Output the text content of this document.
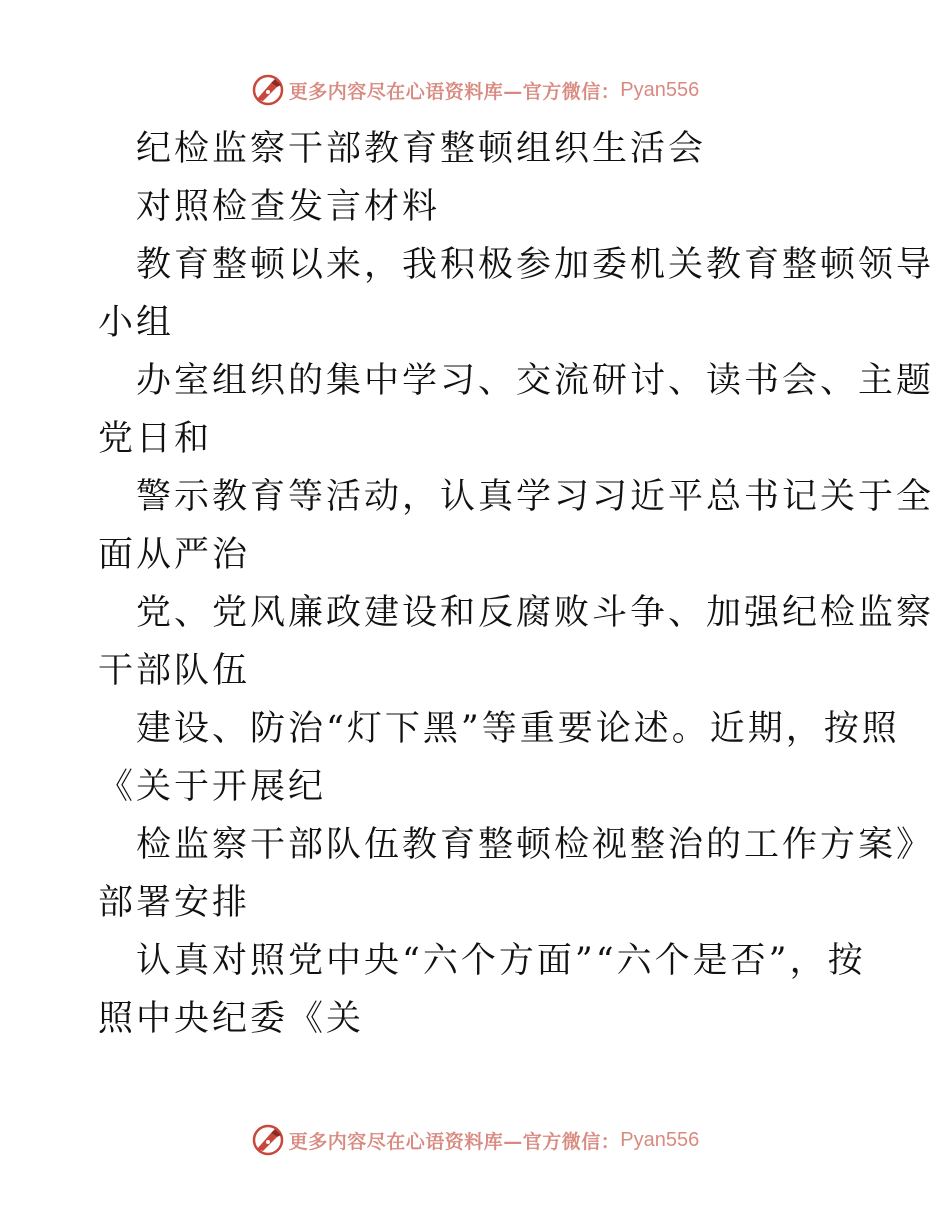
更多内容尽在心语资料库—官方微信： Pyan556
纪检监察干部教育整顿组织生活会
对照检查发言材料
教育整顿以来，我积极参加委机关教育整顿领导
小组
办室组织的集中学习、交流研讨、读书会、主题
党日和
警示教育等活动，认真学习习近平总书记关于全
面从严治
党、党风廉政建设和反腐败斗争、加强纪检监察
干部队伍
建设、防治“灯下黑”等重要论述。近期，按照
《关于开展纪
检监察干部队伍教育整顿检视整治的工作方案》
部署安排
认真对照党中央“六个方面”“六个是否”，按
照中央纪委《关
更多内容尽在心语资料库—官方微信： Pyan556
